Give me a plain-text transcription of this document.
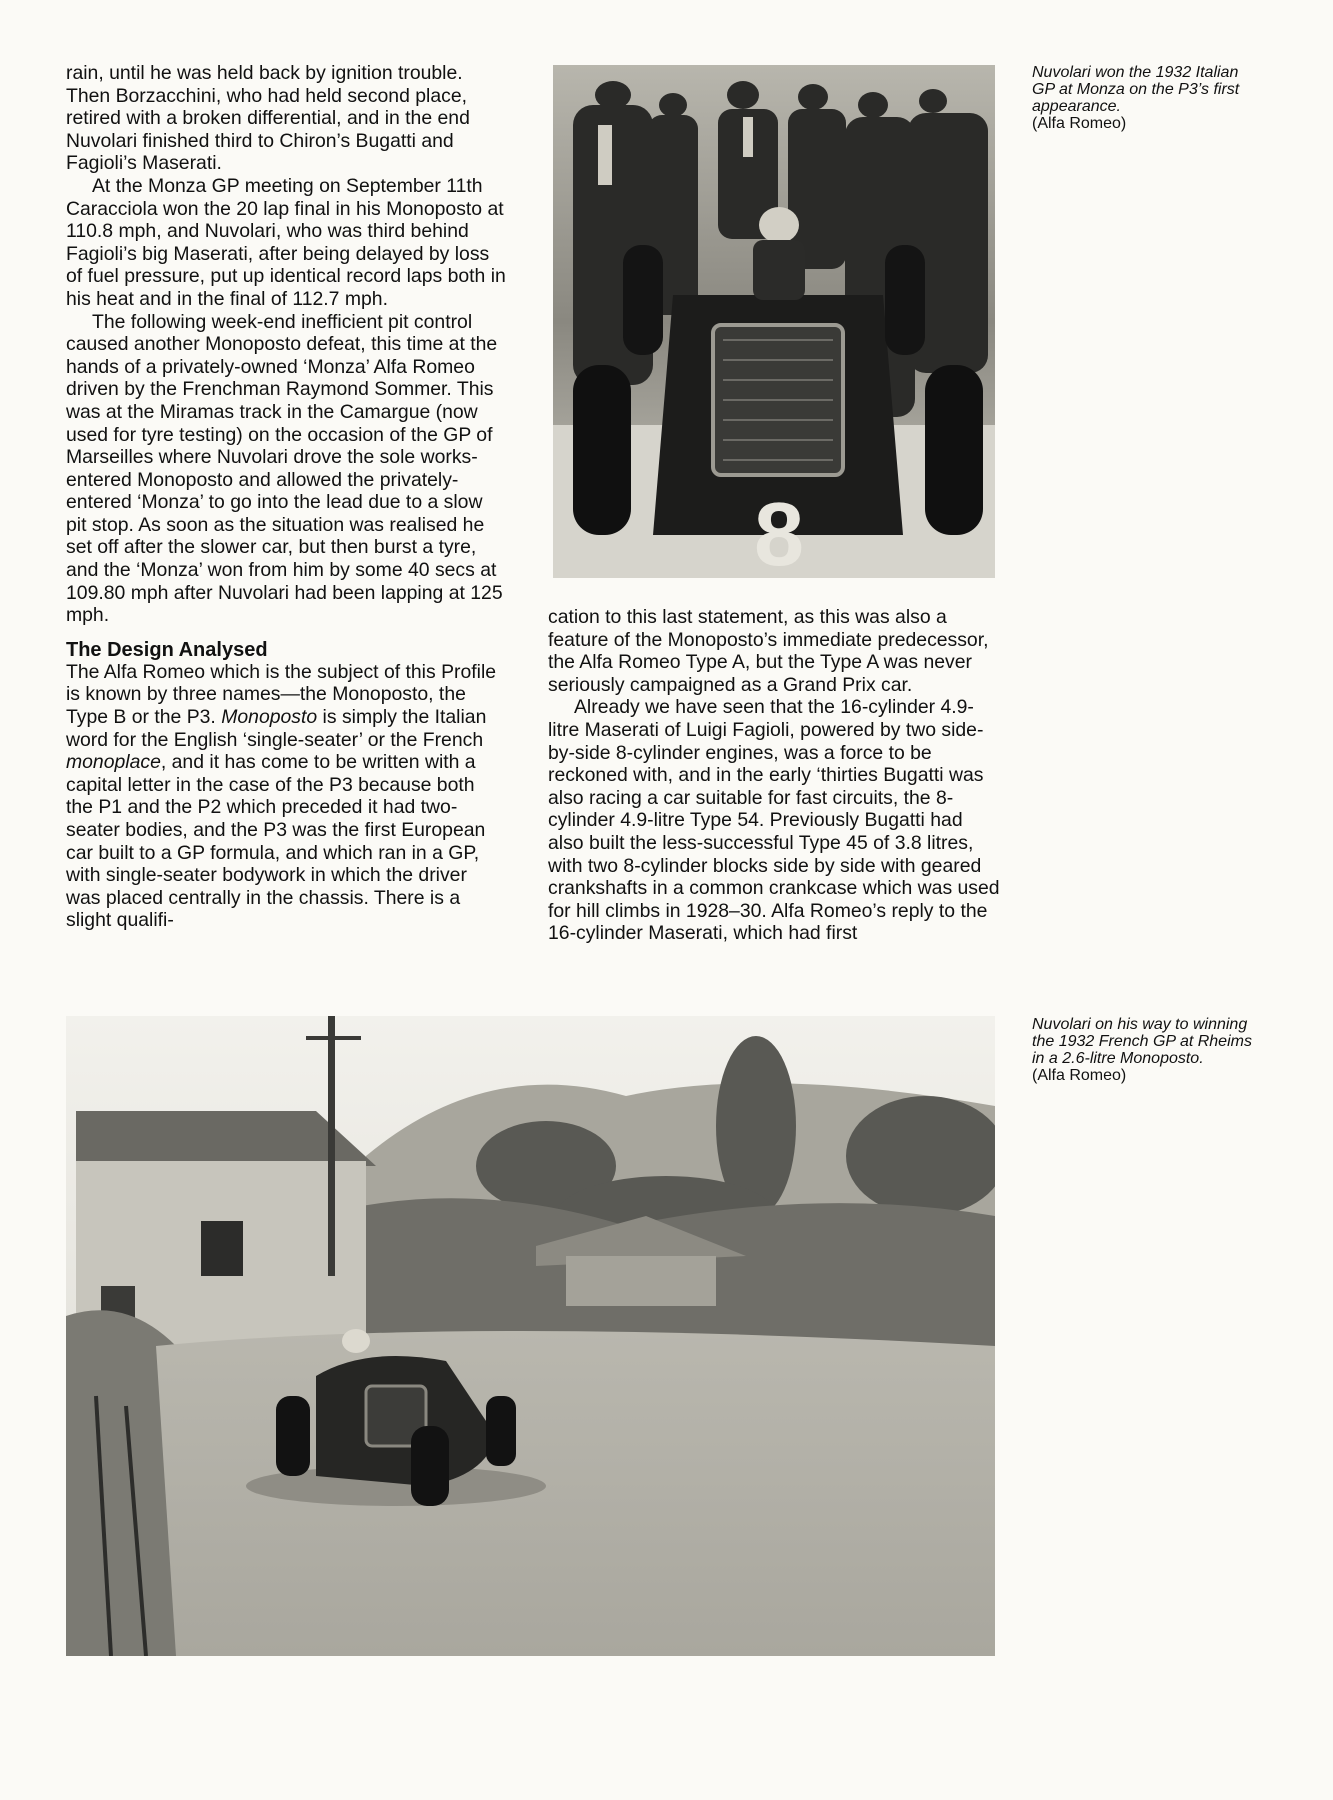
rain, until he was held back by ignition trouble. Then Borzacchini, who had held second place, retired with a broken differential, and in the end Nuvolari finished third to Chiron’s Bugatti and Fagioli’s Maserati.

At the Monza GP meeting on September 11th Caracciola won the 20 lap final in his Monoposto at 110.8 mph, and Nuvolari, who was third behind Fagioli’s big Maserati, after being delayed by loss of fuel pressure, put up identical record laps both in his heat and in the final of 112.7 mph.

The following week-end inefficient pit control caused another Monoposto defeat, this time at the hands of a privately-owned ‘Monza’ Alfa Romeo driven by the Frenchman Raymond Sommer. This was at the Miramas track in the Camargue (now used for tyre testing) on the occasion of the GP of Marseilles where Nuvolari drove the sole works-entered Monoposto and allowed the privately-entered ‘Monza’ to go into the lead due to a slow pit stop. As soon as the situation was realised he set off after the slower car, but then burst a tyre, and the ‘Monza’ won from him by some 40 secs at 109.80 mph after Nuvolari had been lapping at 125 mph.

The Design Analysed

The Alfa Romeo which is the subject of this Profile is known by three names—the Monoposto, the Type B or the P3. Monoposto is simply the Italian word for the English ‘single-seater’ or the French monoplace, and it has come to be written with a capital letter in the case of the P3 because both the P1 and the P2 which preceded it had two-seater bodies, and the P3 was the first European car built to a GP formula, and which ran in a GP, with single-seater bodywork in which the driver was placed centrally in the chassis. There is a slight qualifi-

cation to this last statement, as this was also a feature of the Monoposto’s immediate predecessor, the Alfa Romeo Type A, but the Type A was never seriously campaigned as a Grand Prix car.

Already we have seen that the 16-cylinder 4.9-litre Maserati of Luigi Fagioli, powered by two side-by-side 8-cylinder engines, was a force to be reckoned with, and in the early ‘thirties Bugatti was also racing a car suitable for fast circuits, the 8-cylinder 4.9-litre Type 54. Previously Bugatti had also built the less-successful Type 45 of 3.8 litres, with two 8-cylinder blocks side by side with geared crankshafts in a common crankcase which was used for hill climbs in 1928–30. Alfa Romeo’s reply to the 16-cylinder Maserati, which had first

8
Nuvolari won the 1932 Italian GP at Monza on the P3’s first appearance.
(Alfa Romeo)
Nuvolari on his way to winning the 1932 French GP at Rheims in a 2.6-litre Monoposto.
(Alfa Romeo)
